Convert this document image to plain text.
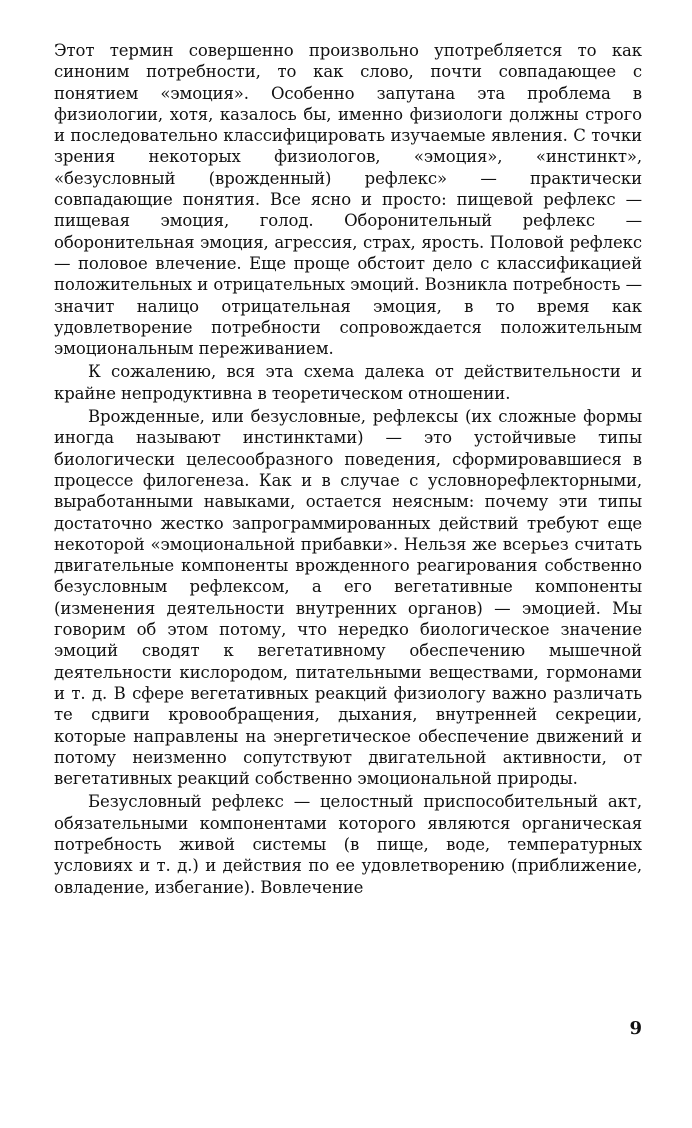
Этот термин совершенно произвольно употребляется то как синоним потребности, то как слово, почти совпадающее с понятием «эмоция». Особенно запутана эта проблема в физиологии, хотя, казалось бы, именно физиологи должны строго и последовательно классифицировать изучаемые явления. С точки зрения некоторых физиологов, «эмоция», «инстинкт», «безусловный (врожденный) рефлекс» — практически совпадающие понятия. Все ясно и просто: пищевой рефлекс — пищевая эмоция, голод. Оборонительный рефлекс — оборонительная эмоция, агрессия, страх, ярость. Половой рефлекс — половое влечение. Еще проще обстоит дело с классификацией положительных и отрицательных эмоций. Возникла потребность — значит налицо отрицательная эмоция, в то время как удовлетворение потребности сопровождается положительным эмоциональным переживанием.

К сожалению, вся эта схема далека от действительности и крайне непродуктивна в теоретическом отношении.

Врожденные, или безусловные, рефлексы (их сложные формы иногда называют инстинктами) — это устойчивые типы биологически целесообразного поведения, сформировавшиеся в процессе филогенеза. Как и в случае с условнорефлекторными, выработанными навыками, остается неясным: почему эти типы достаточно жестко запрограммированных действий требуют еще некоторой «эмоциональной прибавки». Нельзя же всерьез считать двигательные компоненты врожденного реагирования собственно безусловным рефлексом, а его вегетативные компоненты (изменения деятельности внутренних органов) — эмоцией. Мы говорим об этом потому, что нередко биологическое значение эмоций сводят к вегетативному обеспечению мышечной деятельности кислородом, питательными веществами, гормонами и т. д. В сфере вегетативных реакций физиологу важно различать те сдвиги кровообращения, дыхания, внутренней секреции, которые направлены на энергетическое обеспечение движений и потому неизменно сопутствуют двигательной активности, от вегетативных реакций собственно эмоциональной природы.

Безусловный рефлекс — целостный приспособительный акт, обязательными компонентами которого являются органическая потребность живой системы (в пище, воде, температурных условиях и т. д.) и действия по ее удовлетворению (приближение, овладение, избегание). Вовлечение

9
